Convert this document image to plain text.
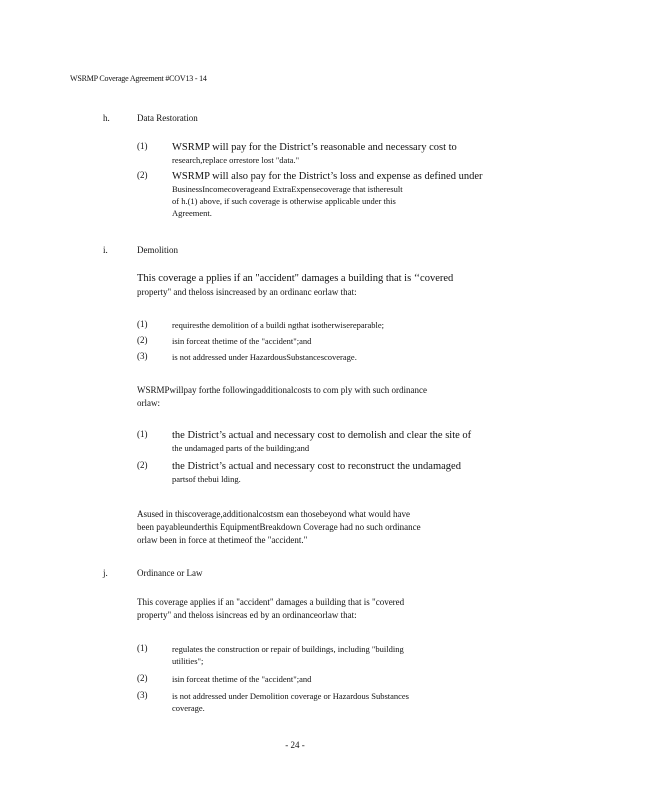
WSRMP Coverage Agreement #COV13 - 14
h.	Data Restoration
(1) WSRMP will pay for the District’s reasonable and necessary cost to
research,replace orrestore lost "data."
(2) WSRMP will also pay for the District’s loss and expense as defined under
BusinessIncomecoverageand ExtraExpensecoverage that istheresult
of h.(1) above, if such coverage is otherwise applicable under this
Agreement.
i.	Demolition
This coverage a pplies if an "accident" damages a building that is ‘‘covered
property" and theloss isincreased by an ordinanc eorlaw that:
(1)	requiresthe demolition of a buildi ngthat isotherwisereparable;
(2)	isin forceat thetime of the "accident";and
(3)	is not addressed under HazardousSubstancescoverage.
WSRMPwillpay forthe followingadditionalcosts to com ply with such ordinance
orlaw:
(1) the District’s actual and necessary cost to demolish and clear the site of
the undamaged parts of the building;and
(2) the District’s actual and necessary cost to reconstruct the undamaged
partsof thebui lding.
Asused in thiscoverage,additionalcostsm ean thosebeyond what would have
been payableunderthis EquipmentBreakdown Coverage had no such ordinance
orlaw been in force at thetimeof the "accident."
j.	Ordinance or Law
This coverage applies if an "accident" damages a building that is "covered
property" and theloss isincreas ed by an ordinanceorlaw that:
(1)	regulates the construction or repair of buildings, including "building
utilities";
(2)	isin forceat thetime of the "accident";and
(3)	is not addressed under Demolition coverage or Hazardous Substances
coverage.
- 24 -
